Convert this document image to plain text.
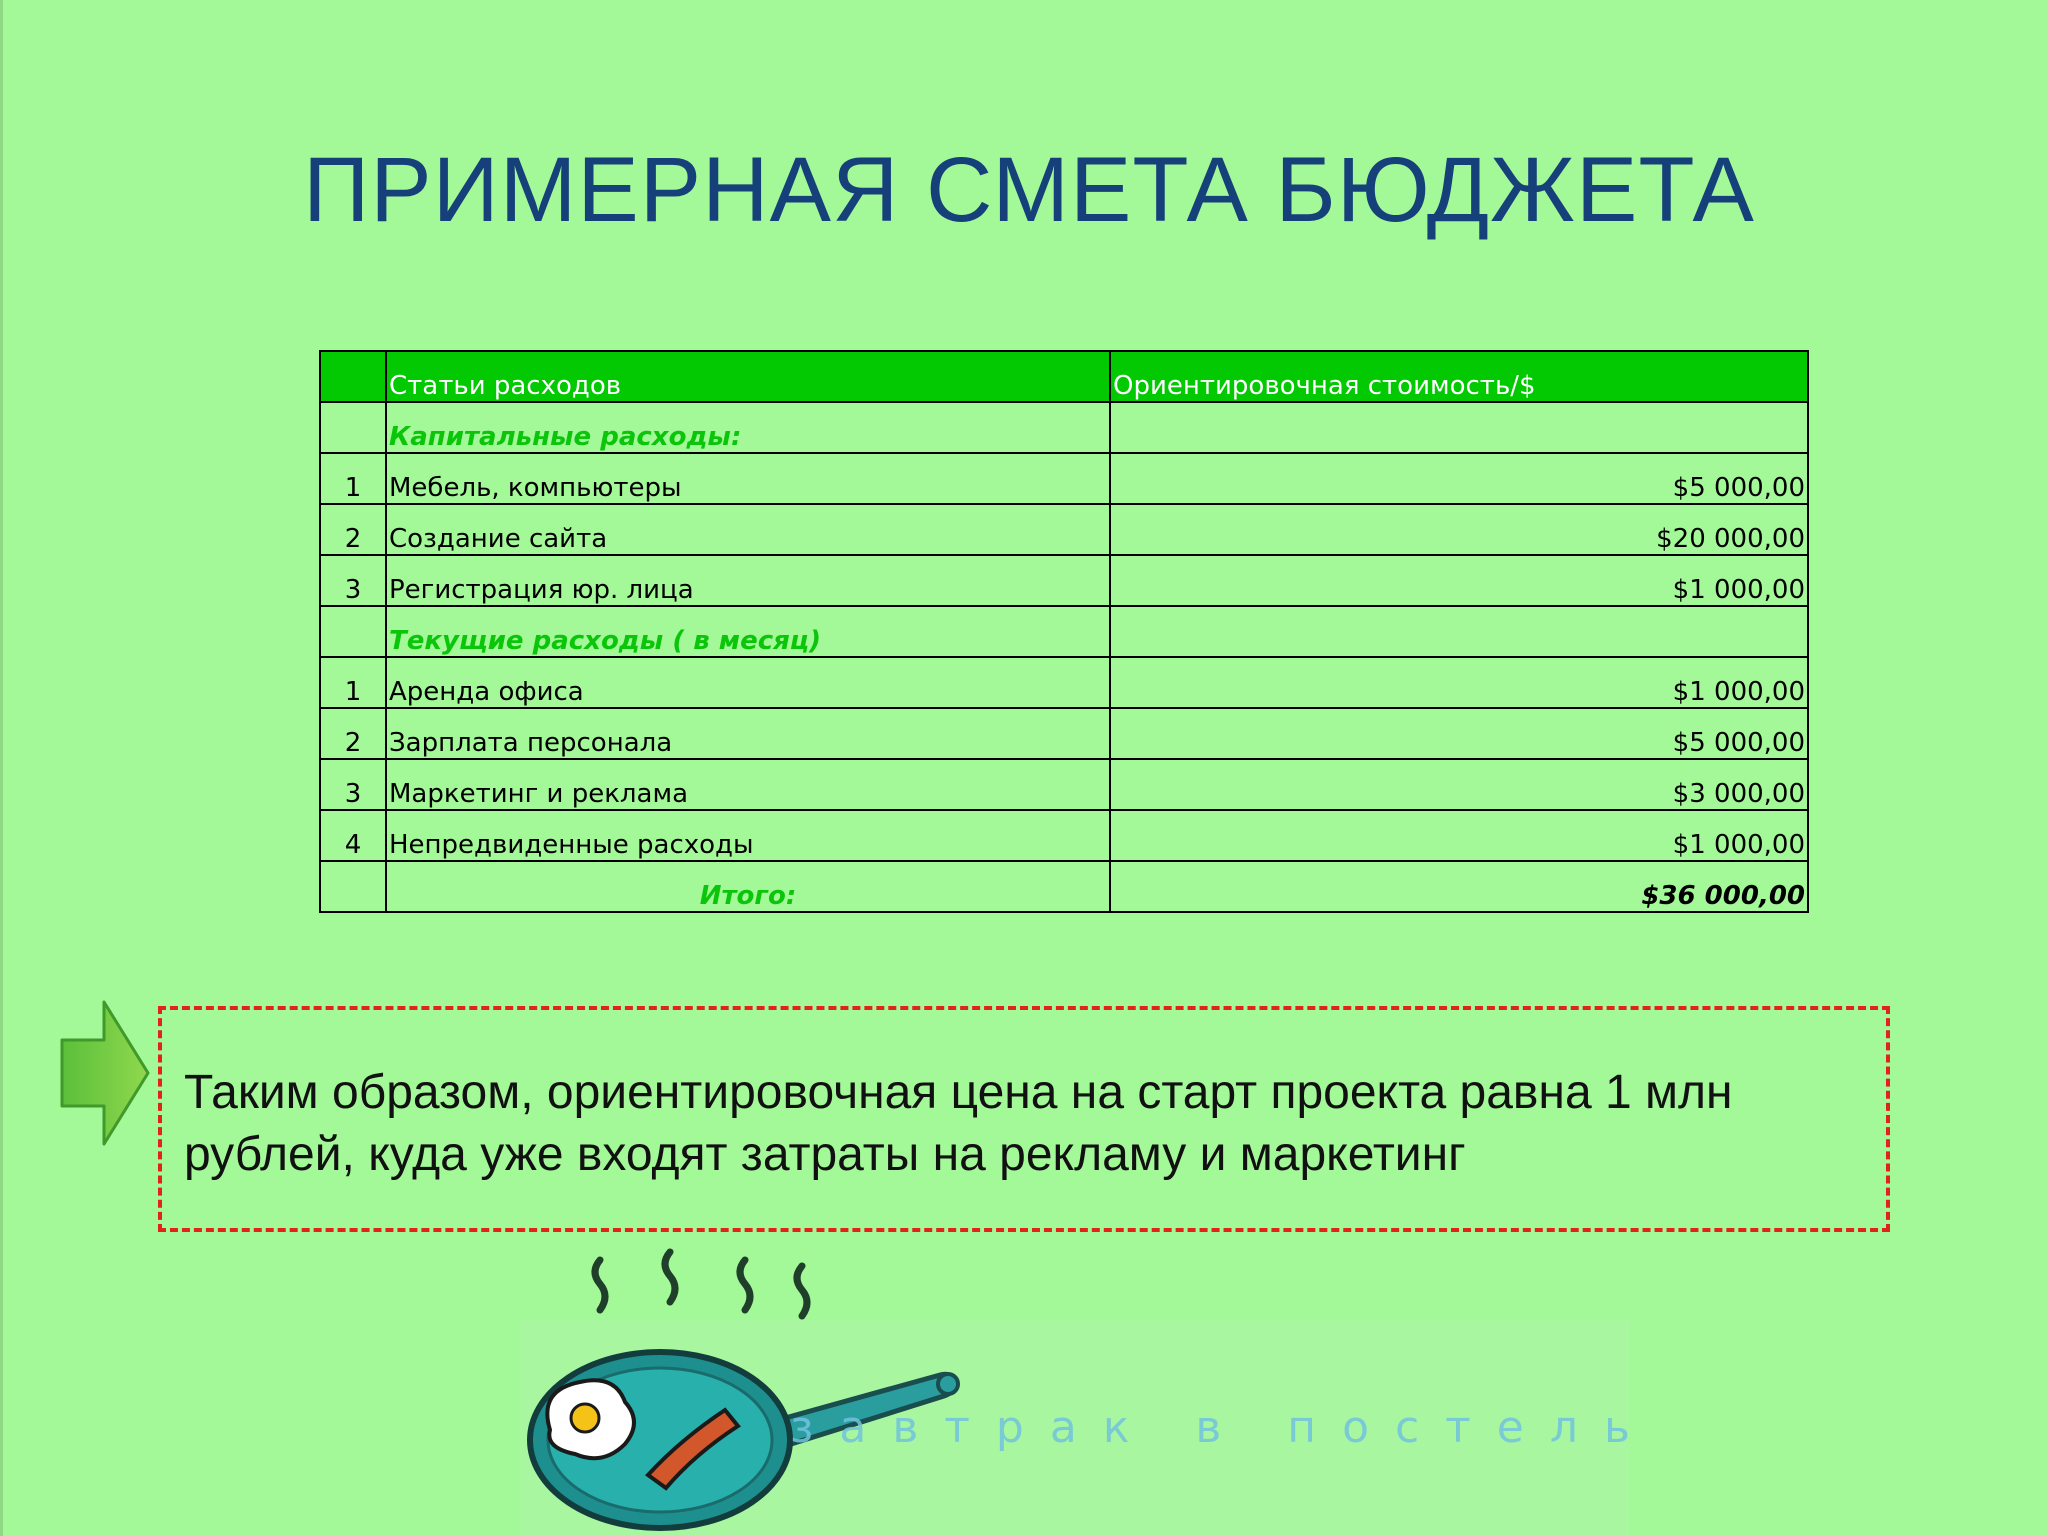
ПРИМЕРНАЯ СМЕТА БЮДЖЕТА
	Статьи расходов	Ориентировочная стоимость/$
	Капитальные расходы:	
1	Мебель, компьютеры	$5 000,00
2	Создание сайта	$20 000,00
3	Регистрация юр. лица	$1 000,00
	Текущие расходы ( в месяц)	
1	Аренда офиса	$1 000,00
2	Зарплата персонала	$5 000,00
3	Маркетинг и реклама	$3 000,00
4	Непредвиденные расходы	$1 000,00
	Итого:	$36 000,00
Таким образом, ориентировочная цена на старт проекта равна 1 млн рублей, куда уже входят затраты на рекламу и маркетинг
завтрак в постель
